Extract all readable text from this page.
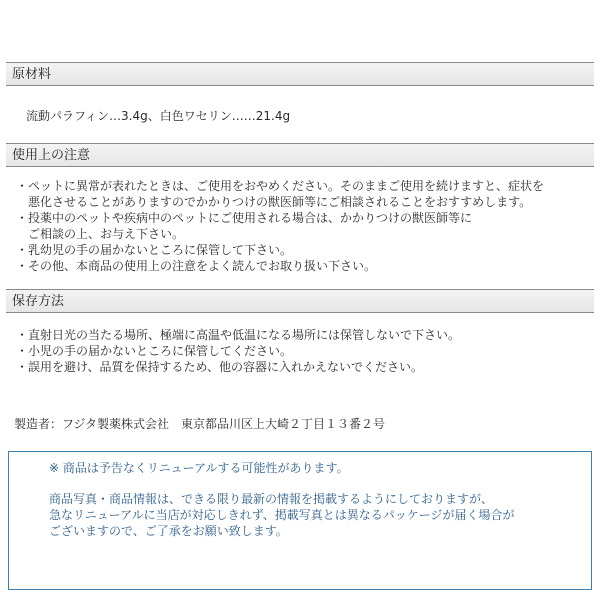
原材料

流動パラフィン…3.4g、白色ワセリン……21.4g

使用上の注意

・ペットに異常が表れたときは、ご使用をおやめください。そのままご使用を続けますと、症状を

悪化させることがありますのでかかりつけの獣医師等にご相談されることをおすすめします。

・投薬中のペットや疾病中のペットにご使用される場合は、かかりつけの獣医師等に

ご相談の上、お与え下さい。

・乳幼児の手の届かないところに保管して下さい。

・その他、本商品の使用上の注意をよく読んでお取り扱い下さい。

保存方法

・直射日光の当たる場所、極端に高温や低温になる場所には保管しないで下さい。

・小児の手の届かないところに保管してください。

・誤用を避け、品質を保持するため、他の容器に入れかえないでください。

製造者：フジタ製薬株式会社　東京都品川区上大崎２丁目１３番２号

※ 商品は予告なくリニューアルする可能性があります。

商品写真・商品情報は、できる限り最新の情報を掲載するようにしておりますが、

急なリニューアルに当店が対応しきれず、掲載写真とは異なるパッケージが届く場合が

ございますので、ご了承をお願い致します。
